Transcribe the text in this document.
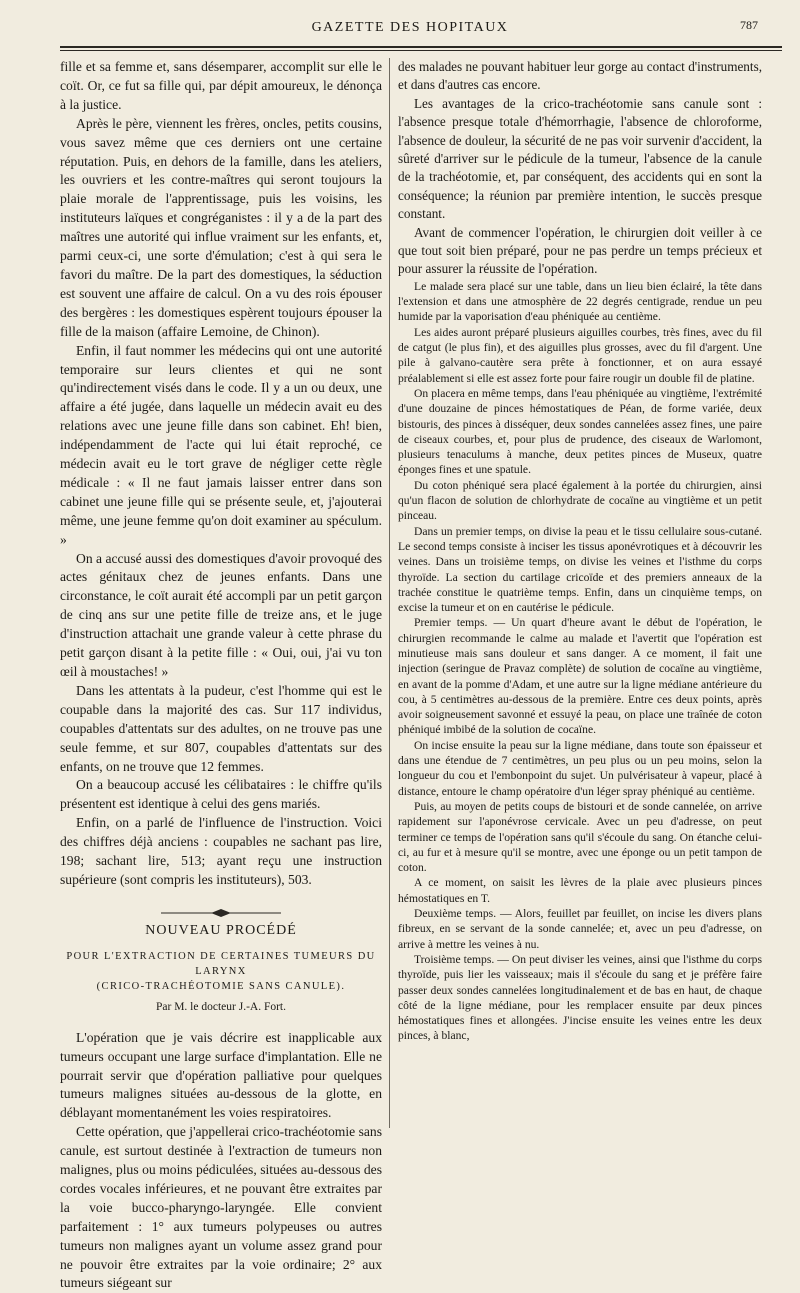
GAZETTE DES HOPITAUX	787

fille et sa femme et, sans désemparer, accomplit sur elle le coït. Or, ce fut sa fille qui, par dépit amoureux, le dénonça à la justice.

Après le père, viennent les frères, oncles, petits cousins, vous savez même que ces derniers ont une certaine réputation. Puis, en dehors de la famille, dans les ateliers, les ouvriers et les contre-maîtres qui seront toujours la plaie morale de l'apprentissage, puis les voisins, les instituteurs laïques et congréganistes : il y a de la part des maîtres une autorité qui influe vraiment sur les enfants, et, parmi ceux-ci, une sorte d'émulation; c'est à qui sera le favori du maître. De la part des domestiques, la séduction est souvent une affaire de calcul. On a vu des rois épouser des bergères : les domestiques espèrent toujours épouser la fille de la maison (affaire Lemoine, de Chinon).

Enfin, il faut nommer les médecins qui ont une autorité temporaire sur leurs clientes et qui ne sont qu'indirectement visés dans le code. Il y a un ou deux, une affaire a été jugée, dans laquelle un médecin avait eu des relations avec une jeune fille dans son cabinet. Eh! bien, indépendamment de l'acte qui lui était reproché, ce médecin avait eu le tort grave de négliger cette règle médicale : « Il ne faut jamais laisser entrer dans son cabinet une jeune fille qui se présente seule, et, j'ajouterai même, une jeune femme qu'on doit examiner au spéculum. »

On a accusé aussi des domestiques d'avoir provoqué des actes génitaux chez de jeunes enfants. Dans une circonstance, le coït aurait été accompli par un petit garçon de cinq ans sur une petite fille de treize ans, et le juge d'instruction attachait une grande valeur à cette phrase du petit garçon disant à la petite fille : « Oui, oui, j'ai vu ton œil à moustaches! »

Dans les attentats à la pudeur, c'est l'homme qui est le coupable dans la majorité des cas. Sur 117 individus, coupables d'attentats sur des adultes, on ne trouve pas une seule femme, et sur 807, coupables d'attentats sur des enfants, on ne trouve que 12 femmes.

On a beaucoup accusé les célibataires : le chiffre qu'ils présentent est identique à celui des gens mariés.

Enfin, on a parlé de l'influence de l'instruction. Voici des chiffres déjà anciens : coupables ne sachant pas lire, 198; sachant lire, 513; ayant reçu une instruction supérieure (sont compris les instituteurs), 503.

NOUVEAU PROCÉDÉ
POUR L'EXTRACTION DE CERTAINES TUMEURS DU LARYNX
(CRICO-TRACHÉOTOMIE SANS CANULE).
Par M. le docteur J.-A. Fort.

L'opération que je vais décrire est inapplicable aux tumeurs occupant une large surface d'implantation. Elle ne pourrait servir que d'opération palliative pour quelques tumeurs malignes situées au-dessous de la glotte, en déblayant momentanément les voies respiratoires.

Cette opération, que j'appellerai crico-trachéotomie sans canule, est surtout destinée à l'extraction de tumeurs non malignes, plus ou moins pédiculées, situées au-dessous des cordes vocales inférieures, et ne pouvant être extraites par la voie bucco-pharyngo-laryngée. Elle convient parfaitement : 1° aux tumeurs polypeuses ou autres tumeurs non malignes ayant un volume assez grand pour ne pouvoir être extraites par la voie ordinaire; 2° aux tumeurs siégeant sur

des malades ne pouvant habituer leur gorge au contact d'instruments, et dans d'autres cas encore.

Les avantages de la crico-trachéotomie sans canule sont : l'absence presque totale d'hémorrhagie, l'absence de chloroforme, l'absence de douleur, la sécurité de ne pas voir survenir d'accident, la sûreté d'arriver sur le pédicule de la tumeur, l'absence de la canule de la trachéotomie, et, par conséquent, des accidents qui en sont la conséquence; la réunion par première intention, le succès presque constant.

Avant de commencer l'opération, le chirurgien doit veiller à ce que tout soit bien préparé, pour ne pas perdre un temps précieux et pour assurer la réussite de l'opération.

Le malade sera placé sur une table, dans un lieu bien éclairé, la tête dans l'extension et dans une atmosphère de 22 degrés centigrade, rendue un peu humide par la vaporisation d'eau phéniquée au centième.

Les aides auront préparé plusieurs aiguilles courbes, très fines, avec du fil de catgut (le plus fin), et des aiguilles plus grosses, avec du fil d'argent. Une pile à galvano-cautère sera prête à fonctionner, et on aura essayé préalablement si elle est assez forte pour faire rougir un double fil de platine.

On placera en même temps, dans l'eau phéniquée au vingtième, l'extrémité d'une douzaine de pinces hémostatiques de Péan, de forme variée, deux bistouris, des pinces à disséquer, deux sondes cannelées assez fines, une paire de ciseaux courbes, et, pour plus de prudence, des ciseaux de Warlomont, plusieurs tenaculums à manche, deux petites pinces de Museux, quatre éponges fines et une spatule.

Du coton phéniqué sera placé également à la portée du chirurgien, ainsi qu'un flacon de solution de chlorhydrate de cocaïne au vingtième et un petit pinceau.

Dans un premier temps, on divise la peau et le tissu cellulaire sous-cutané. Le second temps consiste à inciser les tissus aponévrotiques et à découvrir les veines. Dans un troisième temps, on divise les veines et l'isthme du corps thyroïde. La section du cartilage cricoïde et des premiers anneaux de la trachée constitue le quatrième temps. Enfin, dans un cinquième temps, on excise la tumeur et on en cautérise le pédicule.

Premier temps. — Un quart d'heure avant le début de l'opération, le chirurgien recommande le calme au malade et l'avertit que l'opération est minutieuse mais sans douleur et sans danger. A ce moment, il fait une injection (seringue de Pravaz complète) de solution de cocaïne au vingtième, en avant de la pomme d'Adam, et une autre sur la ligne médiane antérieure du cou, à 5 centimètres au-dessous de la première. Entre ces deux points, après avoir soigneusement savonné et essuyé la peau, on place une traînée de coton phéniqué imbibé de la solution de cocaïne.

On incise ensuite la peau sur la ligne médiane, dans toute son épaisseur et dans une étendue de 7 centimètres, un peu plus ou un peu moins, selon la longueur du cou et l'embonpoint du sujet. Un pulvérisateur à vapeur, placé à distance, entoure le champ opératoire d'un léger spray phéniqué au centième.

Puis, au moyen de petits coups de bistouri et de sonde cannelée, on arrive rapidement sur l'aponévrose cervicale. Avec un peu d'adresse, on peut terminer ce temps de l'opération sans qu'il s'écoule du sang. On étanche celui-ci, au fur et à mesure qu'il se montre, avec une éponge ou un petit tampon de coton.

A ce moment, on saisit les lèvres de la plaie avec plusieurs pinces hémostatiques en T.

Deuxième temps. — Alors, feuillet par feuillet, on incise les divers plans fibreux, en se servant de la sonde cannelée; et, avec un peu d'adresse, on arrive à mettre les veines à nu.

Troisième temps. — On peut diviser les veines, ainsi que l'isthme du corps thyroïde, puis lier les vaisseaux; mais il s'écoule du sang et je préfère faire passer deux sondes cannelées longitudinalement et de bas en haut, de chaque côté de la ligne médiane, pour les remplacer ensuite par deux pinces hémostatiques fines et allongées. J'incise ensuite les veines entre les deux pinces, à blanc,
